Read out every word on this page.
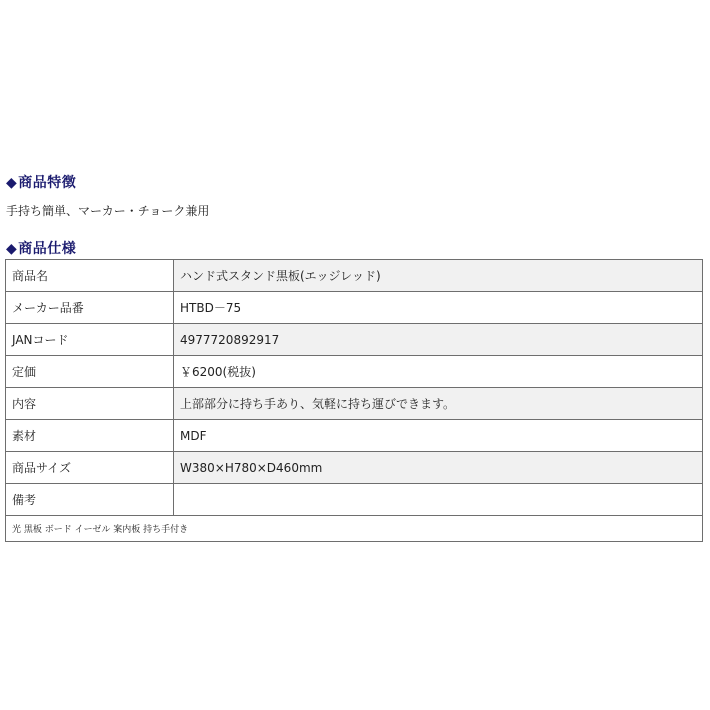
◆商品特徴
手持ち簡単、マーカー・チョーク兼用
◆商品仕様
商品名	ハンド式スタンド黒板(エッジレッド)
メーカー品番	HTBD－75
JANコード	4977720892917
定価	￥6200(税抜)
内容	上部部分に持ち手あり、気軽に持ち運びできます。
素材	MDF
商品サイズ	W380×H780×D460mm
備考	
光 黒板 ボード イーゼル 案内板 持ち手付き	
